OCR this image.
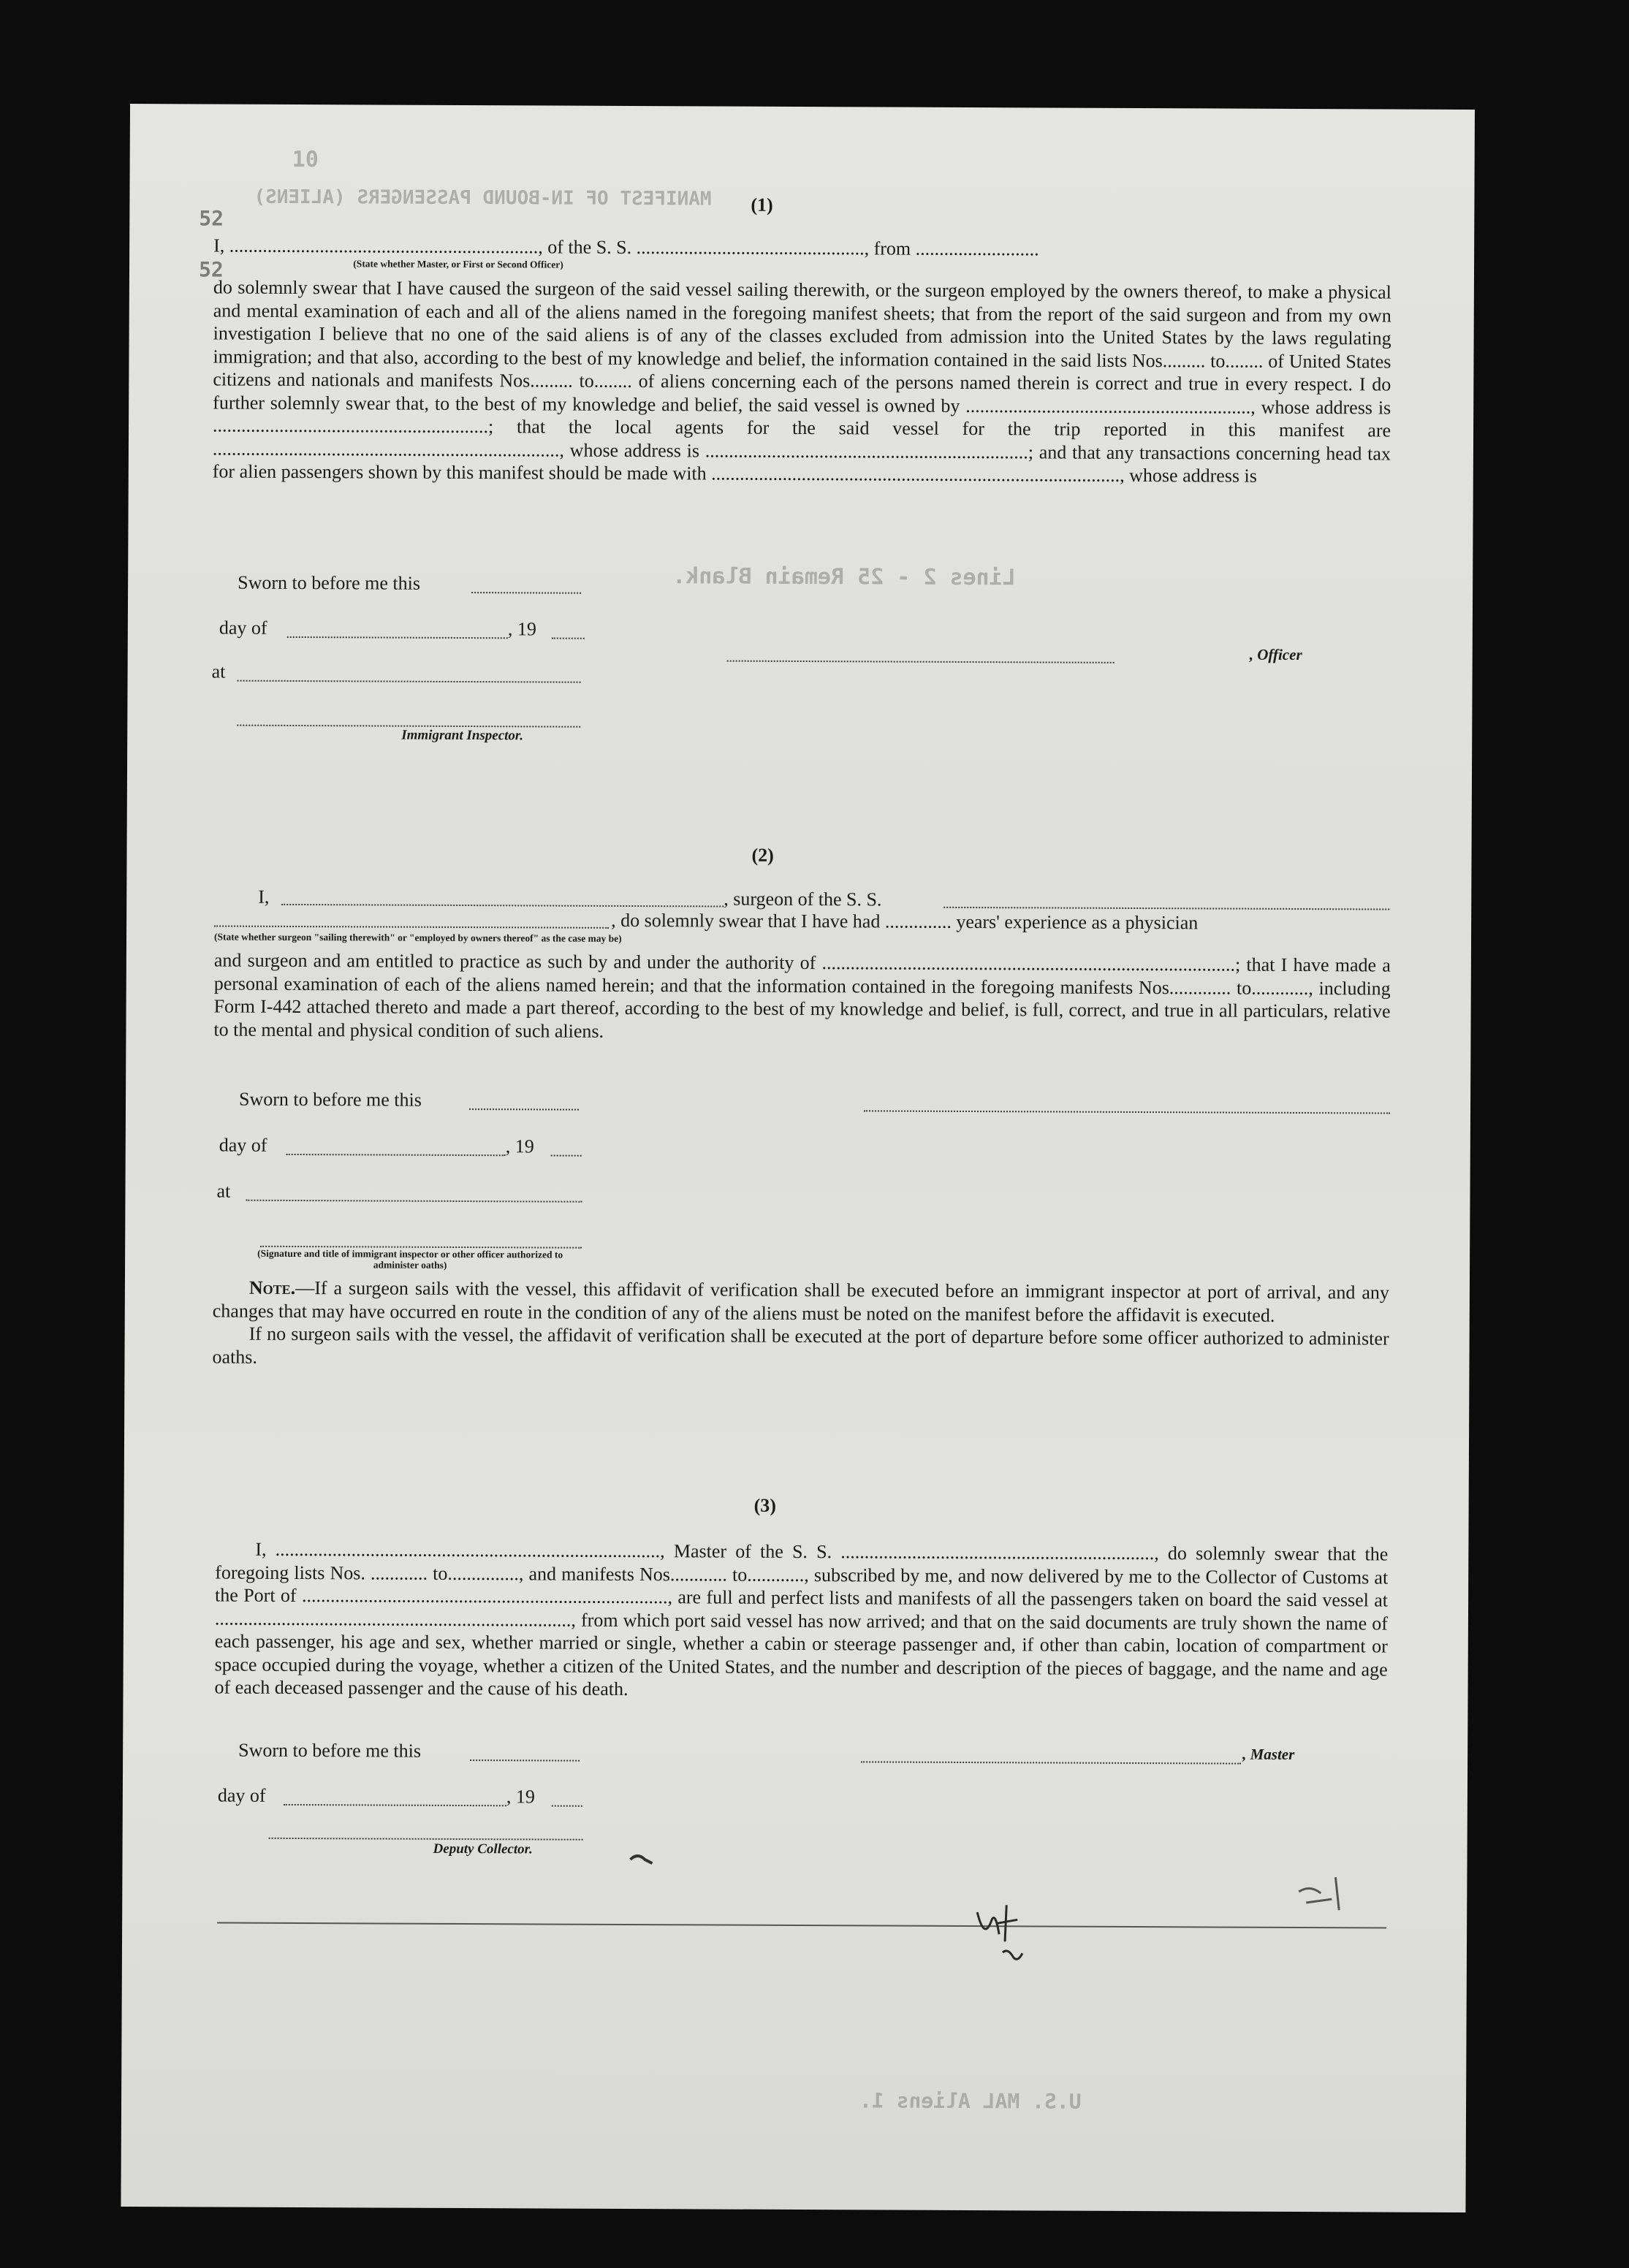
MANIFEST OF IN-BOUND PASSENGERS (ALIENS)
10
Lines 2 - 25 Remain Blank.
U.S. MAL Aliens 1.
52
52
(1)
I, ................................................................., of the S. S. ................................................, from ..........................
(State whether Master, or First or Second Officer)
do solemnly swear that I have caused the surgeon of the said vessel sailing therewith, or the surgeon employed by the owners thereof, to make a physical and mental examination of each and all of the aliens named in the foregoing manifest sheets; that from the report of the said surgeon and from my own investigation I believe that no one of the said aliens is of any of the classes excluded from admission into the United States by the laws regulating immigration; and that also, according to the best of my knowledge and belief, the information contained in the said lists Nos......... to........ of United States citizens and nationals and manifests Nos......... to........ of aliens concerning each of the persons named therein is correct and true in every respect. I do further solemnly swear that, to the best of my knowledge and belief, the said vessel is owned by ............................................................, whose address is ..........................................................; that the local agents for the said vessel for the trip reported in this manifest are ........................................................................., whose address is ....................................................................; and that any transactions concerning head tax for alien passengers shown by this manifest should be made with ......................................................................................, whose address is
Sworn to before me this
day of	, 19
at
, Officer
Immigrant Inspector.
(2)
I,	, surgeon of the S. S.
, do solemnly swear that I have had .............. years' experience as a physician
(State whether surgeon "sailing therewith" or "employed by owners thereof" as the case may be)
and surgeon and am entitled to practice as such by and under the authority of .......................................................................................; that I have made a personal examination of each of the aliens named herein; and that the information contained in the foregoing manifests Nos............. to............, including Form I-442 attached thereto and made a part thereof, according to the best of my knowledge and belief, is full, correct, and true in all particulars, relative to the mental and physical condition of such aliens.
Sworn to before me this
day of	, 19
at
(Signature and title of immigrant inspector or other officer authorized to administer oaths)

Note.—If a surgeon sails with the vessel, this affidavit of verification shall be executed before an immigrant inspector at port of arrival, and any changes that may have occurred en route in the condition of any of the aliens must be noted on the manifest before the affidavit is executed.

If no surgeon sails with the vessel, the affidavit of verification shall be executed at the port of departure before some officer authorized to administer oaths.

(3)
I, ................................................................................., Master of the S. S. .................................................................., do solemnly swear that the foregoing lists Nos. ............ to..............., and manifests Nos............ to............, subscribed by me, and now delivered by me to the Collector of Customs at the Port of ............................................................................., are full and perfect lists and manifests of all the passengers taken on board the said vessel at ..........................................................................., from which port said vessel has now arrived; and that on the said documents are truly shown the name of each passenger, his age and sex, whether married or single, whether a cabin or steerage passenger and, if other than cabin, location of compartment or space occupied during the voyage, whether a citizen of the United States, and the number and description of the pieces of baggage, and the name and age of each deceased passenger and the cause of his death.
Sworn to before me this	, Master
day of	, 19
Deputy Collector.
